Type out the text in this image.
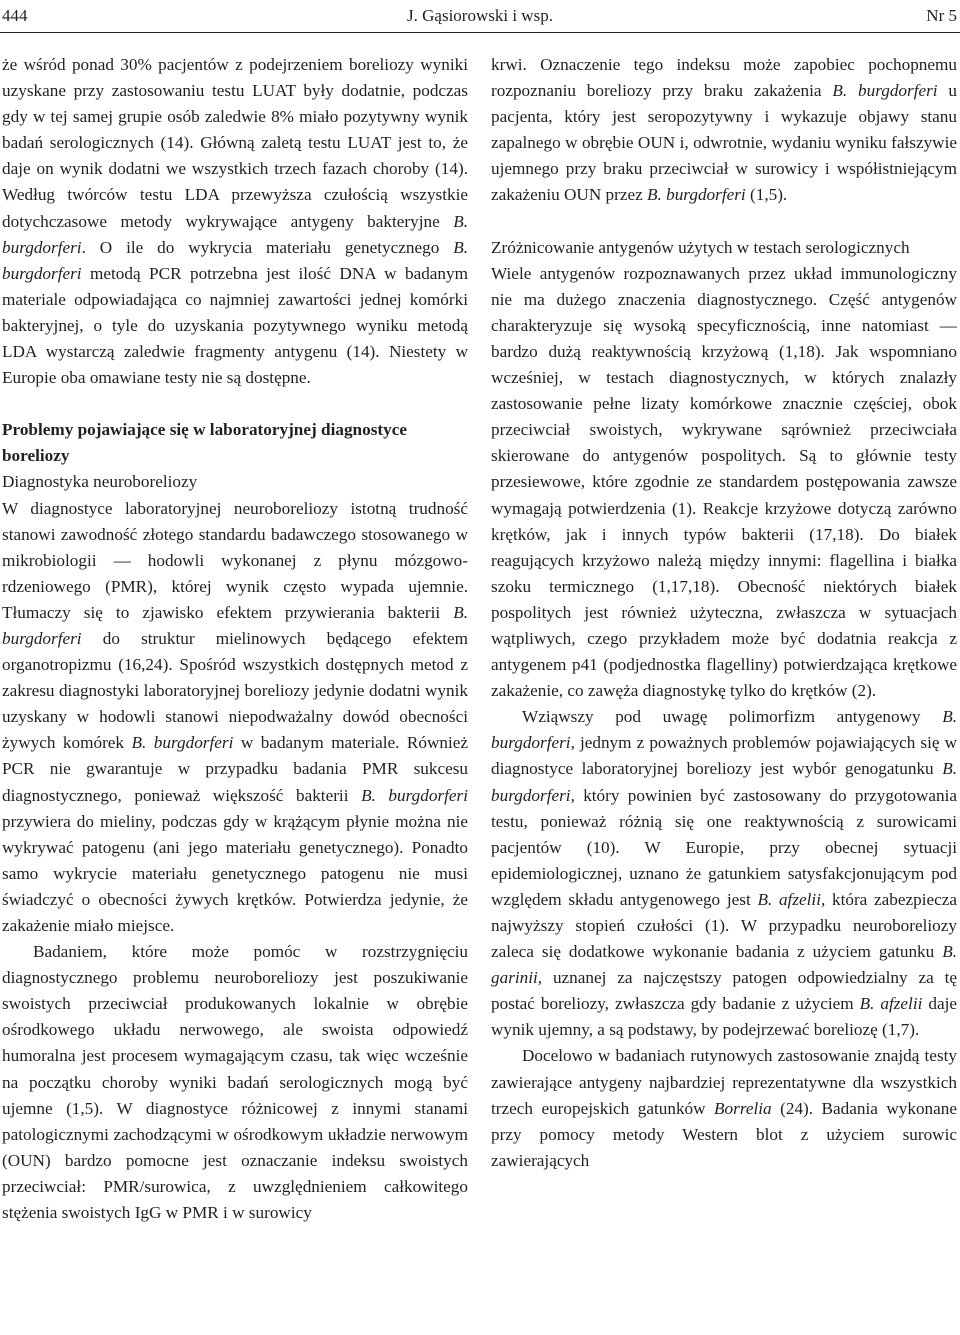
444	J. Gąsiorowski i wsp.	Nr 5

że wśród ponad 30% pacjentów z podejrzeniem boreliozy wyniki uzyskane przy zastosowaniu testu LUAT były dodatnie, podczas gdy w tej samej grupie osób zaledwie 8% miało pozytywny wynik badań serologicznych (14). Główną zaletą testu LUAT jest to, że daje on wynik dodatni we wszystkich trzech fazach choroby (14). Według twórców testu LDA przewyższa czułością wszystkie dotychczasowe metody wykrywające antygeny bakteryjne B. burgdorferi. O ile do wykrycia materiału genetycznego B. burgdorferi metodą PCR potrzebna jest ilość DNA w badanym materiale odpowiadająca co najmniej zawartości jednej komórki bakteryjnej, o tyle do uzyskania pozytywnego wyniku metodą LDA wystarczą zaledwie fragmenty antygenu (14). Niestety w Europie oba omawiane testy nie są dostępne.

Problemy pojawiające się w laboratoryjnej diagnostyce boreliozy

Diagnostyka neuroboreliozy

W diagnostyce laboratoryjnej neuroboreliozy istotną trudność stanowi zawodność złotego standardu badawczego stosowanego w mikrobiologii — hodowli wykonanej z płynu mózgowo-rdzeniowego (PMR), której wynik często wypada ujemnie. Tłumaczy się to zjawisko efektem przywierania bakterii B. burgdorferi do struktur mielinowych będącego efektem organotropizmu (16,24). Spośród wszystkich dostępnych metod z zakresu diagnostyki laboratoryjnej boreliozy jedynie dodatni wynik uzyskany w hodowli stanowi niepodważalny dowód obecności żywych komórek B. burgdorferi w badanym materiale. Również PCR nie gwarantuje w przypadku badania PMR sukcesu diagnostycznego, ponieważ większość bakterii B. burgdorferi przywiera do mieliny, podczas gdy w krążącym płynie można nie wykrywać patogenu (ani jego materiału genetycznego). Ponadto samo wykrycie materiału genetycznego patogenu nie musi świadczyć o obecności żywych krętków. Potwierdza jedynie, że zakażenie miało miejsce.

Badaniem, które może pomóc w rozstrzygnięciu diagnostycznego problemu neuroboreliozy jest poszukiwanie swoistych przeciwciał produkowanych lokalnie w obrębie ośrodkowego układu nerwowego, ale swoista odpowiedź humoralna jest procesem wymagającym czasu, tak więc wcześnie na początku choroby wyniki badań serologicznych mogą być ujemne (1,5). W diagnostyce różnicowej z innymi stanami patologicznymi zachodzącymi w ośrodkowym układzie nerwowym (OUN) bardzo pomocne jest oznaczanie indeksu swoistych przeciwciał: PMR/surowica, z uwzględnieniem całkowitego stężenia swoistych IgG w PMR i w surowicy

krwi. Oznaczenie tego indeksu może zapobiec pochopnemu rozpoznaniu boreliozy przy braku zakażenia B. burgdorferi u pacjenta, który jest seropozytywny i wykazuje objawy stanu zapalnego w obrębie OUN i, odwrotnie, wydaniu wyniku fałszywie ujemnego przy braku przeciwciał w surowicy i współistniejącym zakażeniu OUN przez B. burgdorferi (1,5).

Zróżnicowanie antygenów użytych w testach serologicznych

Wiele antygenów rozpoznawanych przez układ immunologiczny nie ma dużego znaczenia diagnostycznego. Część antygenów charakteryzuje się wysoką specyficznością, inne natomiast — bardzo dużą reaktywnością krzyżową (1,18). Jak wspomniano wcześniej, w testach diagnostycznych, w których znalazły zastosowanie pełne lizaty komórkowe znacznie częściej, obok przeciwciał swoistych, wykrywane sąrównież przeciwciała skierowane do antygenów pospolitych. Są to głównie testy przesiewowe, które zgodnie ze standardem postępowania zawsze wymagają potwierdzenia (1). Reakcje krzyżowe dotyczą zarówno krętków, jak i innych typów bakterii (17,18). Do białek reagujących krzyżowo należą między innymi: flagellina i białka szoku termicznego (1,17,18). Obecność niektórych białek pospolitych jest również użyteczna, zwłaszcza w sytuacjach wątpliwych, czego przykładem może być dodatnia reakcja z antygenem p41 (podjednostka flagelliny) potwierdzająca krętkowe zakażenie, co zawęża diagnostykę tylko do krętków (2).

Wziąwszy pod uwagę polimorfizm antygenowy B. burgdorferi, jednym z poważnych problemów pojawiających się w diagnostyce laboratoryjnej boreliozy jest wybór genogatunku B. burgdorferi, który powinien być zastosowany do przygotowania testu, ponieważ różnią się one reaktywnością z surowicami pacjentów (10). W Europie, przy obecnej sytuacji epidemiologicznej, uznano że gatunkiem satysfakcjonującym pod względem składu antygenowego jest B. afzelii, która zabezpiecza najwyższy stopień czułości (1). W przypadku neuroboreliozy zaleca się dodatkowe wykonanie badania z użyciem gatunku B. garinii, uznanej za najczęstszy patogen odpowiedzialny za tę postać boreliozy, zwłaszcza gdy badanie z użyciem B. afzelii daje wynik ujemny, a są podstawy, by podejrzewać boreliozę (1,7).

Docelowo w badaniach rutynowych zastosowanie znajdą testy zawierające antygeny najbardziej reprezentatywne dla wszystkich trzech europejskich gatunków Borrelia (24). Badania wykonane przy pomocy metody Western blot z użyciem surowic zawierających
